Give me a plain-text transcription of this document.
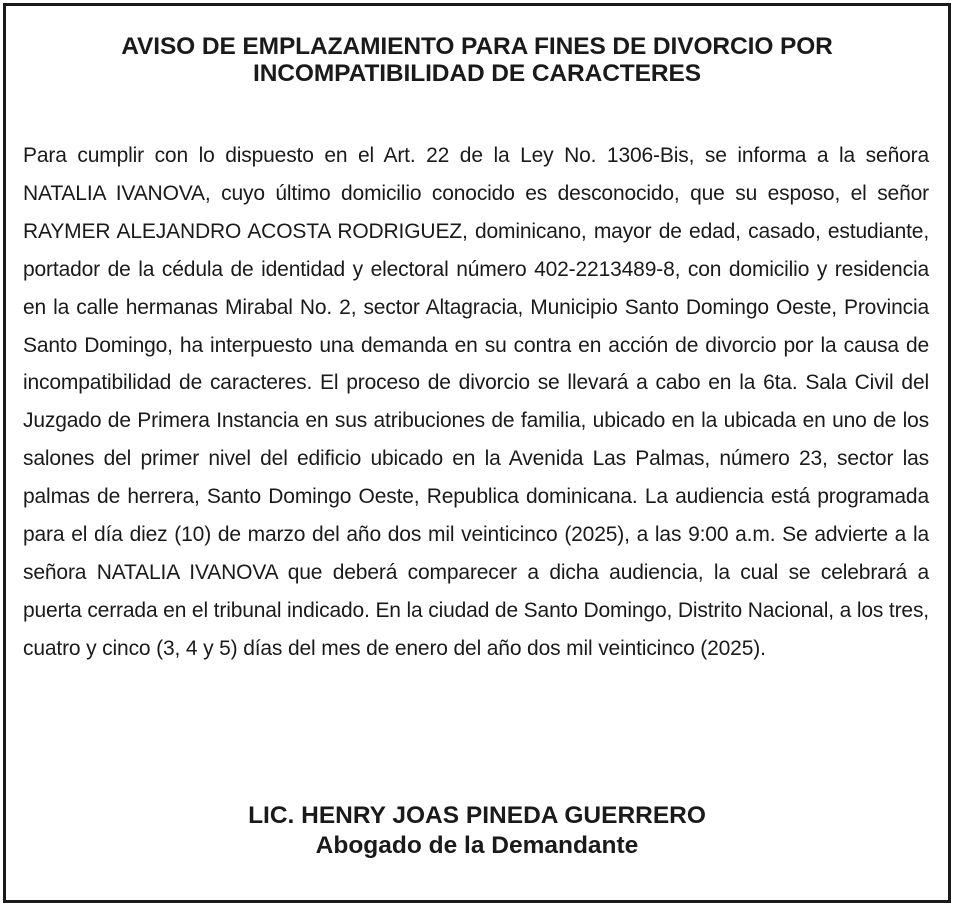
AVISO DE EMPLAZAMIENTO PARA FINES DE DIVORCIO POR
INCOMPATIBILIDAD DE CARACTERES

Para cumplir con lo dispuesto en el Art. 22 de la Ley No. 1306-Bis, se informa a la señora NATALIA IVANOVA, cuyo último domicilio conocido es desconocido, que su esposo, el señor RAYMER ALEJANDRO ACOSTA RODRIGUEZ, dominicano, mayor de edad, casado, estudiante, portador de la cédula de identidad y electoral número 402-2213489-8, con domicilio y residencia en la calle hermanas Mirabal No. 2, sector Altagracia, Municipio Santo Domingo Oeste, Provincia Santo Domingo, ha interpuesto una demanda en su contra en acción de divorcio por la causa de incompatibilidad de caracteres. El proceso de divorcio se llevará a cabo en la 6ta. Sala Civil del Juzgado de Primera Instancia en sus atribuciones de familia, ubicado en la ubicada en uno de los salones del primer nivel del edificio ubicado en la Avenida Las Palmas, número 23, sector las palmas de herrera, Santo Domingo Oeste, Republica dominicana. La audiencia está programada para el día diez (10) de marzo del año dos mil veinticinco (2025), a las 9:00 a.m. Se advierte a la señora NATALIA IVANOVA que deberá comparecer a dicha audiencia, la cual se celebrará a puerta cerrada en el tribunal indicado. En la ciudad de Santo Domingo, Distrito Nacional, a los tres, cuatro y cinco (3, 4 y 5) días del mes de enero del año dos mil veinticinco (2025).

LIC. HENRY JOAS PINEDA GUERRERO
Abogado de la Demandante
